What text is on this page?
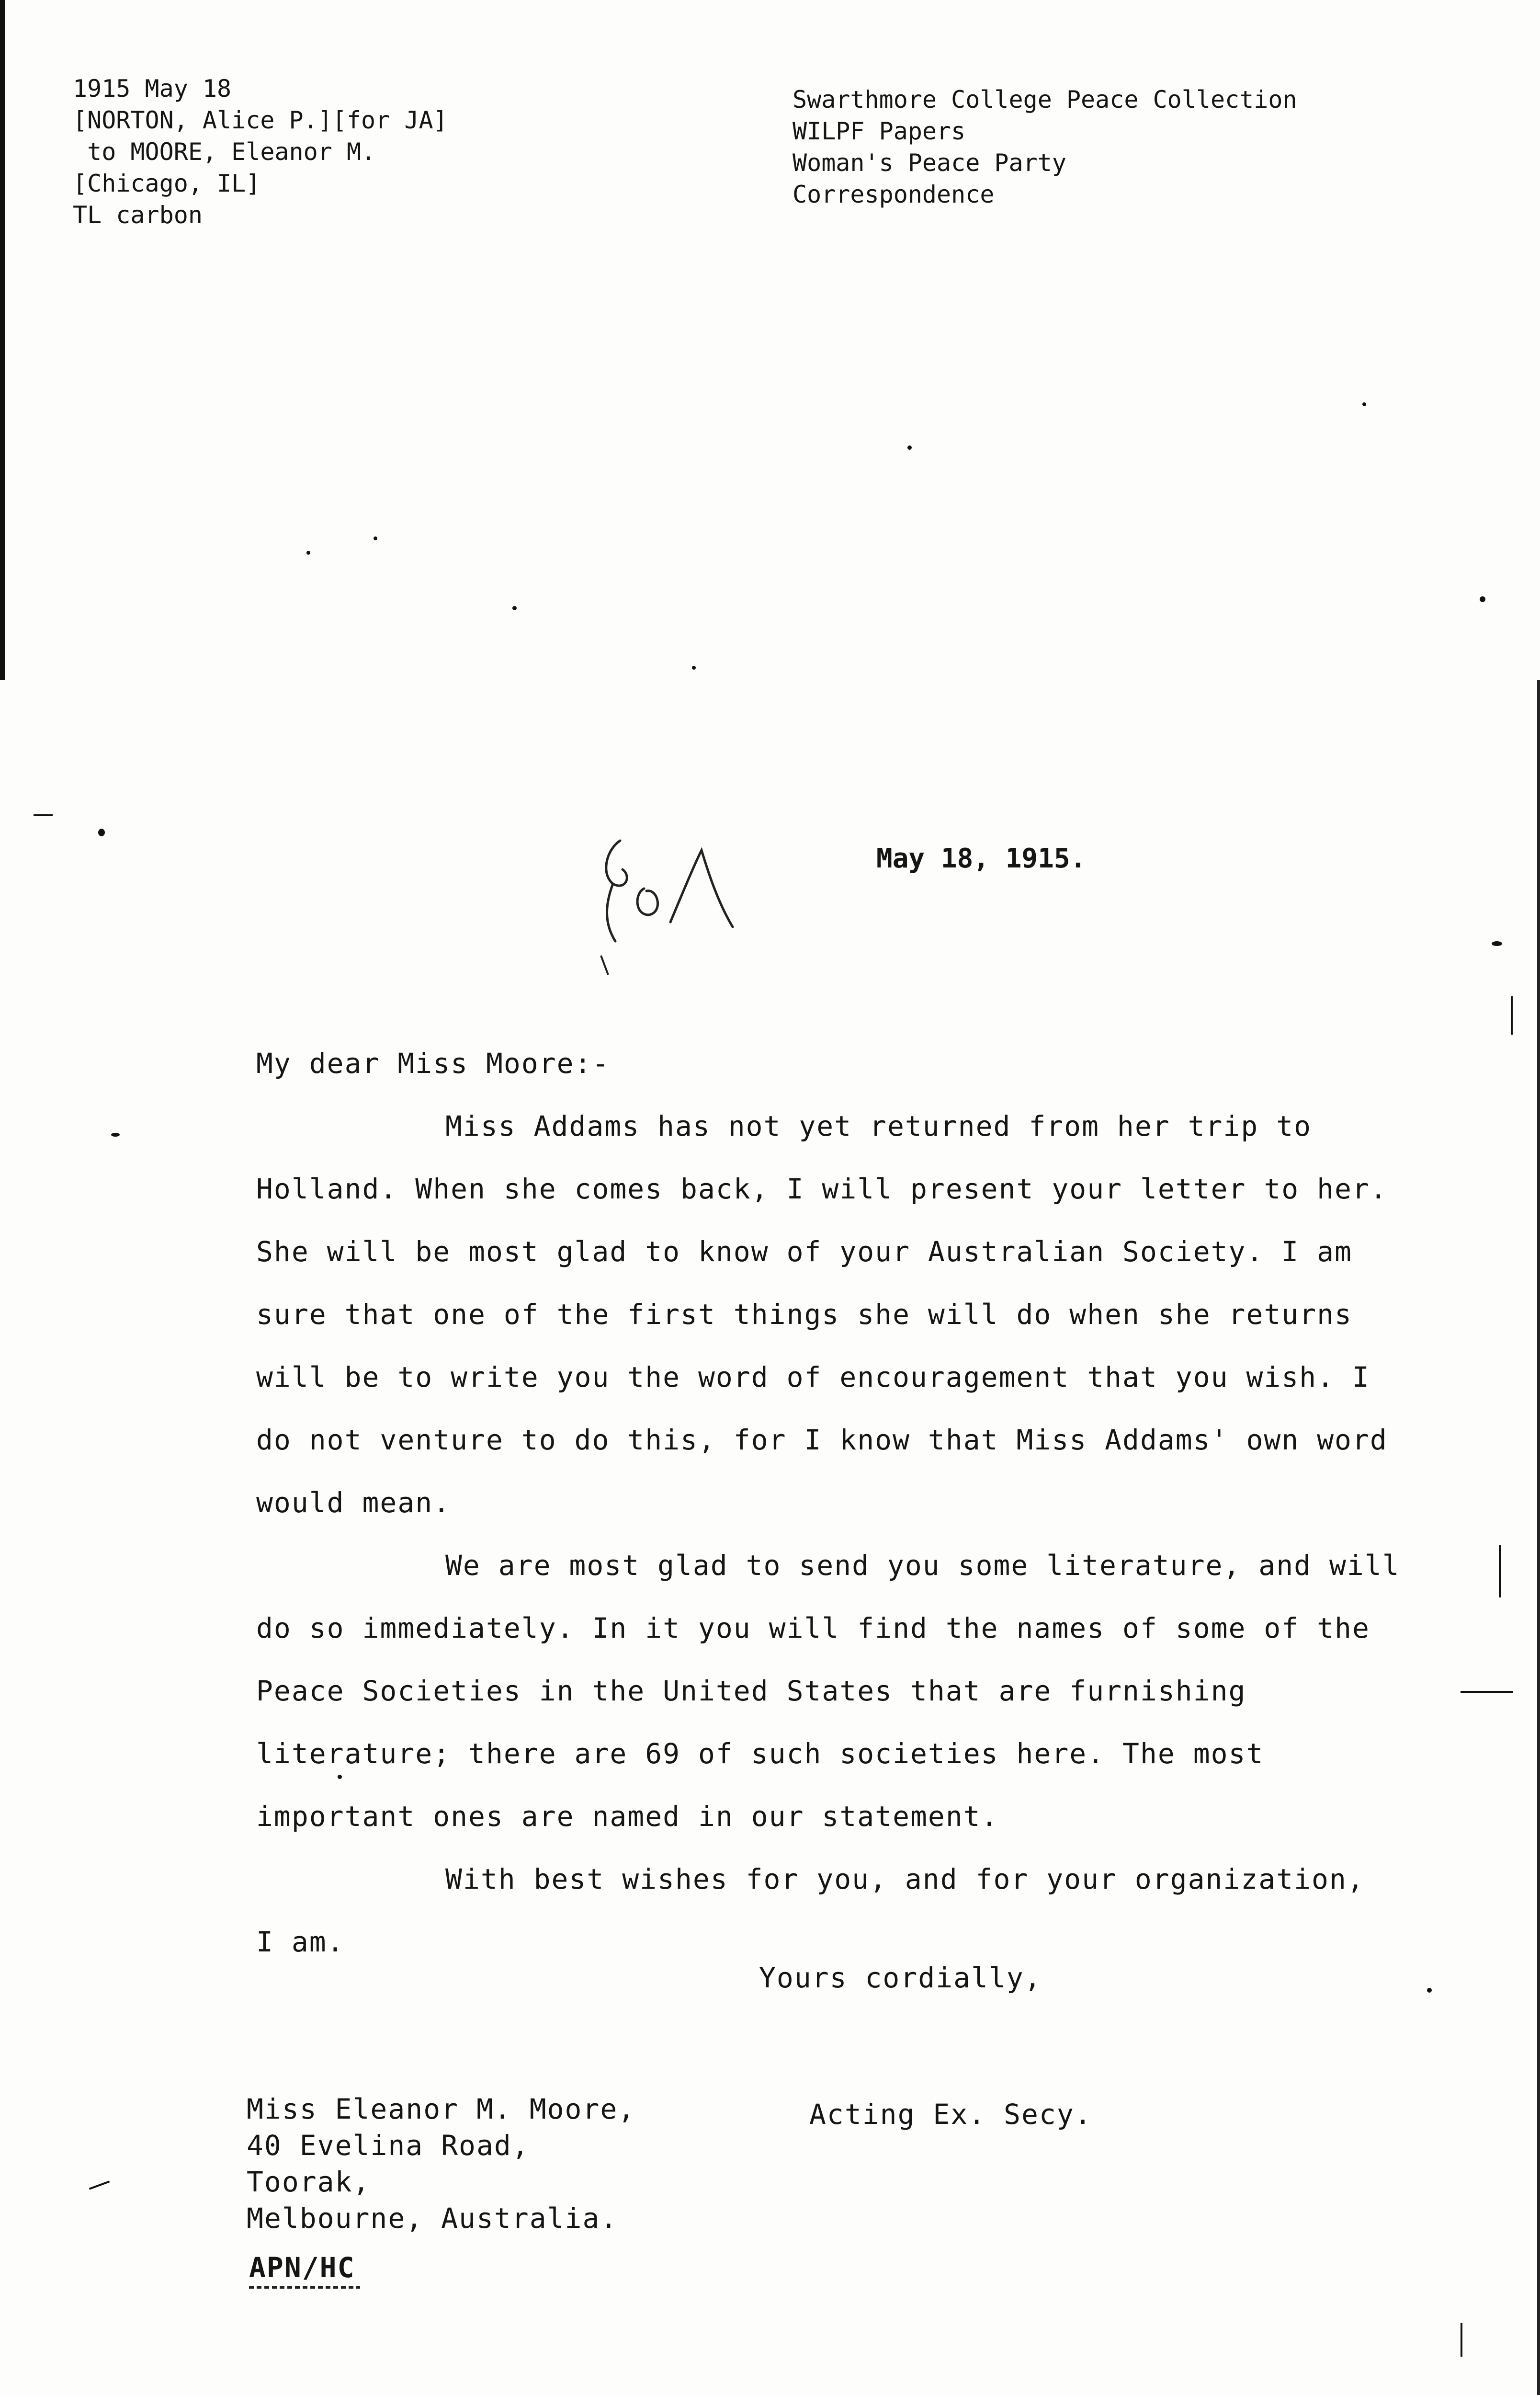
1915 May 18
[NORTON, Alice P.][for JA]
to MOORE, Eleanor M.
[Chicago, IL]
TL carbon
Swarthmore College Peace Collection
WILPF Papers
Woman's Peace Party
Correspondence
May 18, 1915.
My dear Miss Moore:-
Miss Addams has not yet returned from her trip to Holland. When she comes back, I will present your letter to her. She will be most glad to know of your Australian Society. I am sure that one of the first things she will do when she returns will be to write you the word of encouragement that you wish. I do not venture to do this, for I know that Miss Addams' own word would mean.
We are most glad to send you some literature, and will do so immediately. In it you will find the names of some of the Peace Societies in the United States that are furnishing literature; there are 69 of such societies here. The most important ones are named in our statement.
With best wishes for you, and for your organization,
I am.
Yours cordially,
Miss Eleanor M. Moore,
40 Evelina Road,
Toorak,
Melbourne, Australia.
Acting Ex. Secy.
APN/HC
